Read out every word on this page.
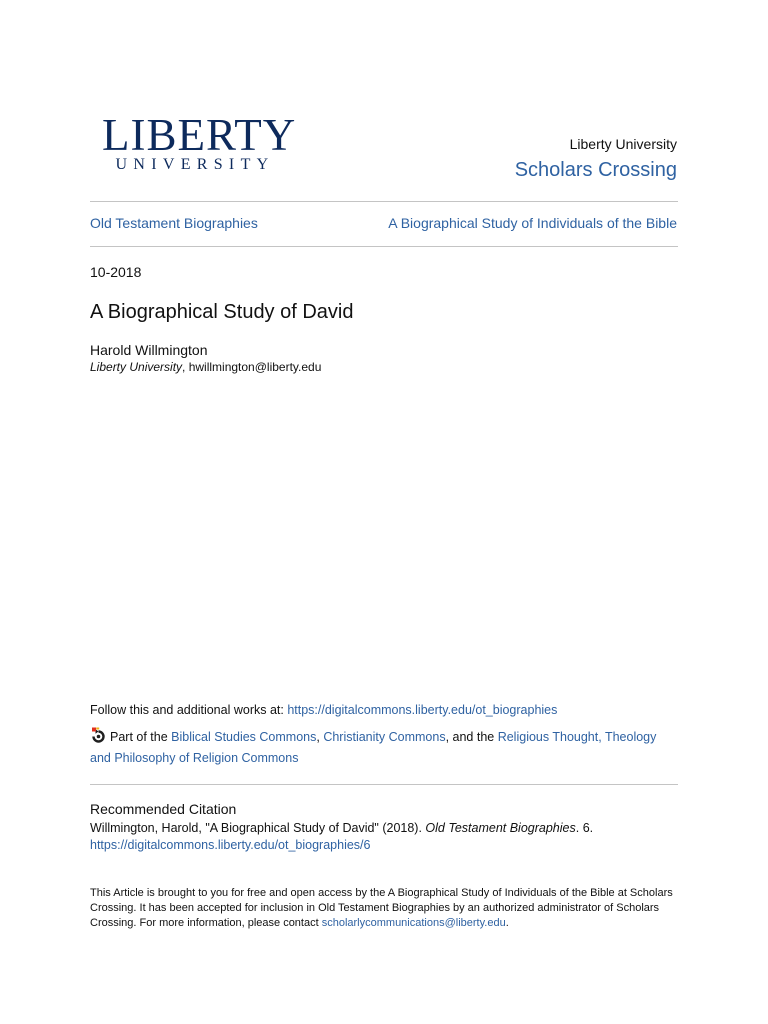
LIBERTY
UNIVERSITY
Liberty University
Scholars Crossing
Old Testament Biographies	A Biographical Study of Individuals of the Bible
10-2018
A Biographical Study of David
Harold Willmington
Liberty University, hwillmington@liberty.edu
Follow this and additional works at: https://digitalcommons.liberty.edu/ot_biographies
Part of the Biblical Studies Commons, Christianity Commons, and the Religious Thought, Theology and Philosophy of Religion Commons
Recommended Citation
Willmington, Harold, "A Biographical Study of David" (2018). Old Testament Biographies. 6.
https://digitalcommons.liberty.edu/ot_biographies/6
This Article is brought to you for free and open access by the A Biographical Study of Individuals of the Bible at Scholars Crossing. It has been accepted for inclusion in Old Testament Biographies by an authorized administrator of Scholars Crossing. For more information, please contact scholarlycommunications@liberty.edu.
